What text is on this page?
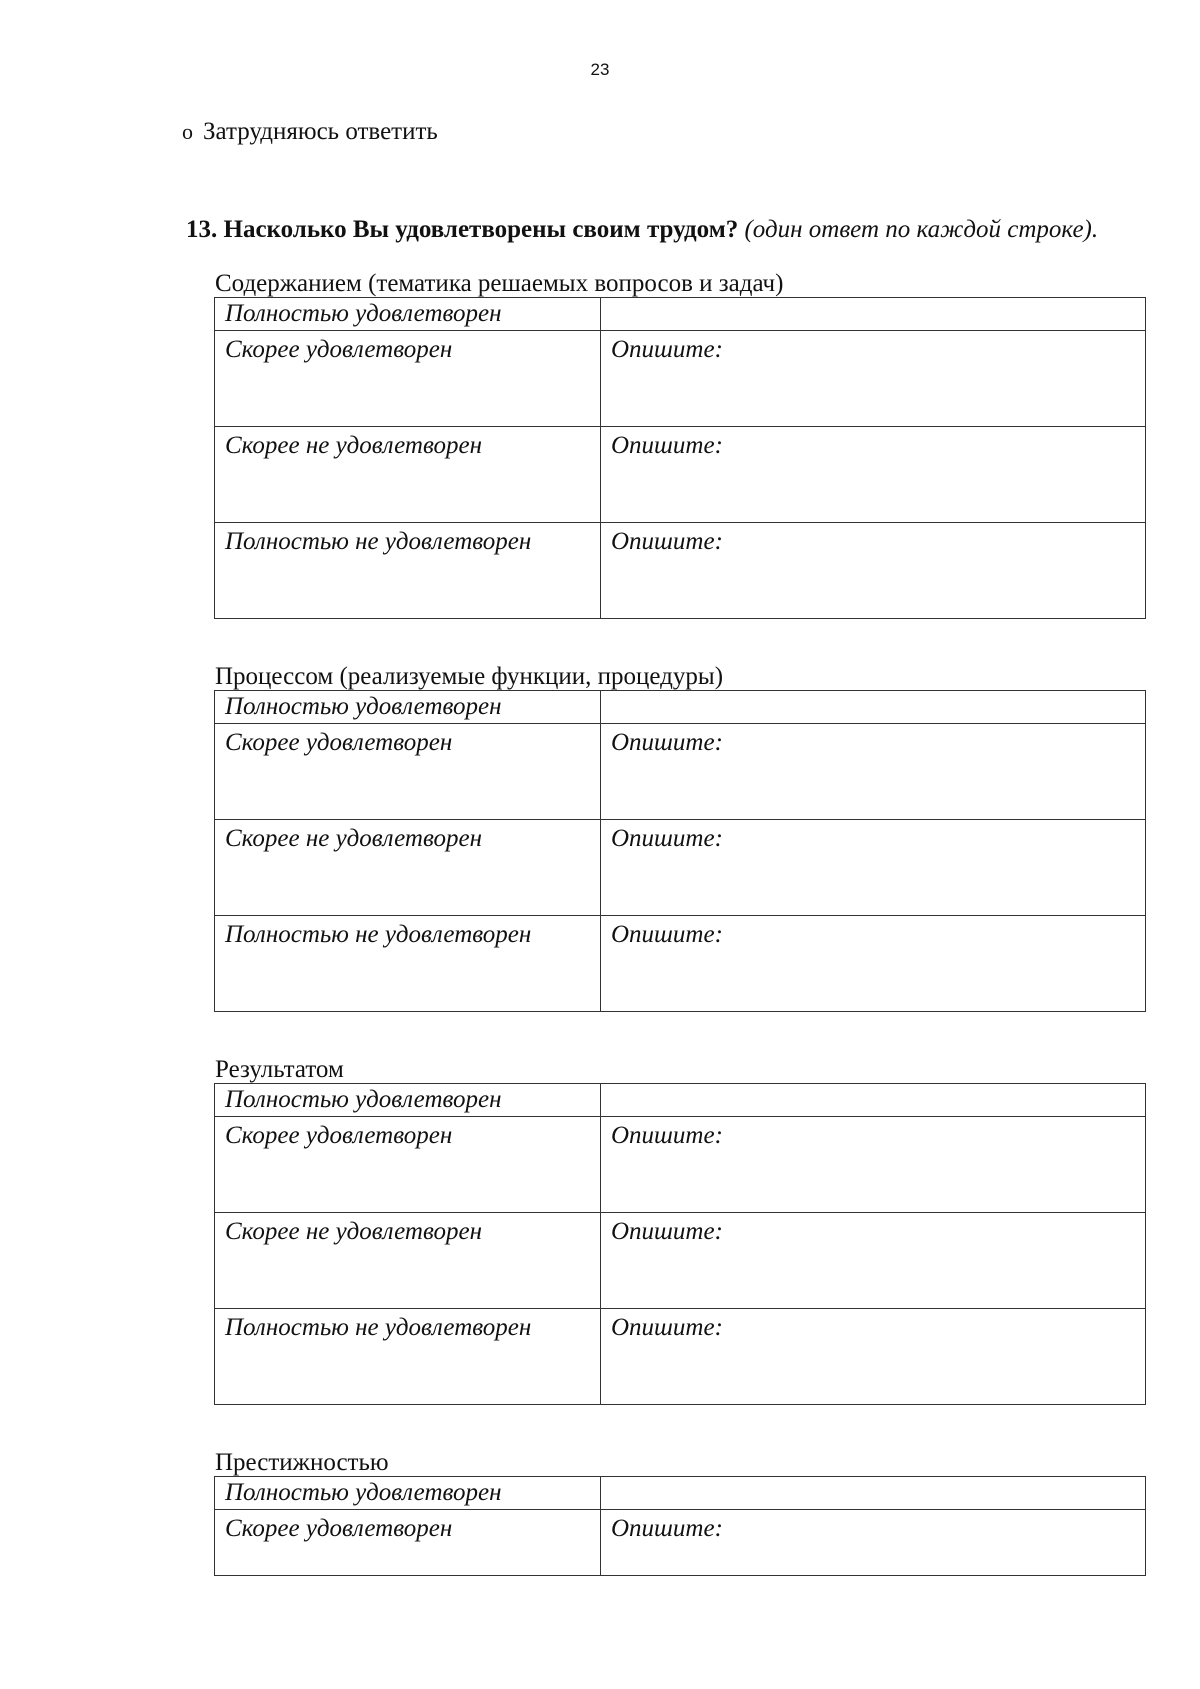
23
o Затрудняюсь ответить

13. Насколько Вы удовлетворены своим трудом? (один ответ по каждой строке).

Содержанием (тематика решаемых вопросов и задач)
Полностью удовлетворен	
Скорее удовлетворен	Опишите:
Скорее не удовлетворен	Опишите:
Полностью не удовлетворен	Опишите:
Процессом (реализуемые функции, процедуры)
Полностью удовлетворен	
Скорее удовлетворен	Опишите:
Скорее не удовлетворен	Опишите:
Полностью не удовлетворен	Опишите:
Результатом
Полностью удовлетворен	
Скорее удовлетворен	Опишите:
Скорее не удовлетворен	Опишите:
Полностью не удовлетворен	Опишите:
Престижностью
Полностью удовлетворен	
Скорее удовлетворен	Опишите:
